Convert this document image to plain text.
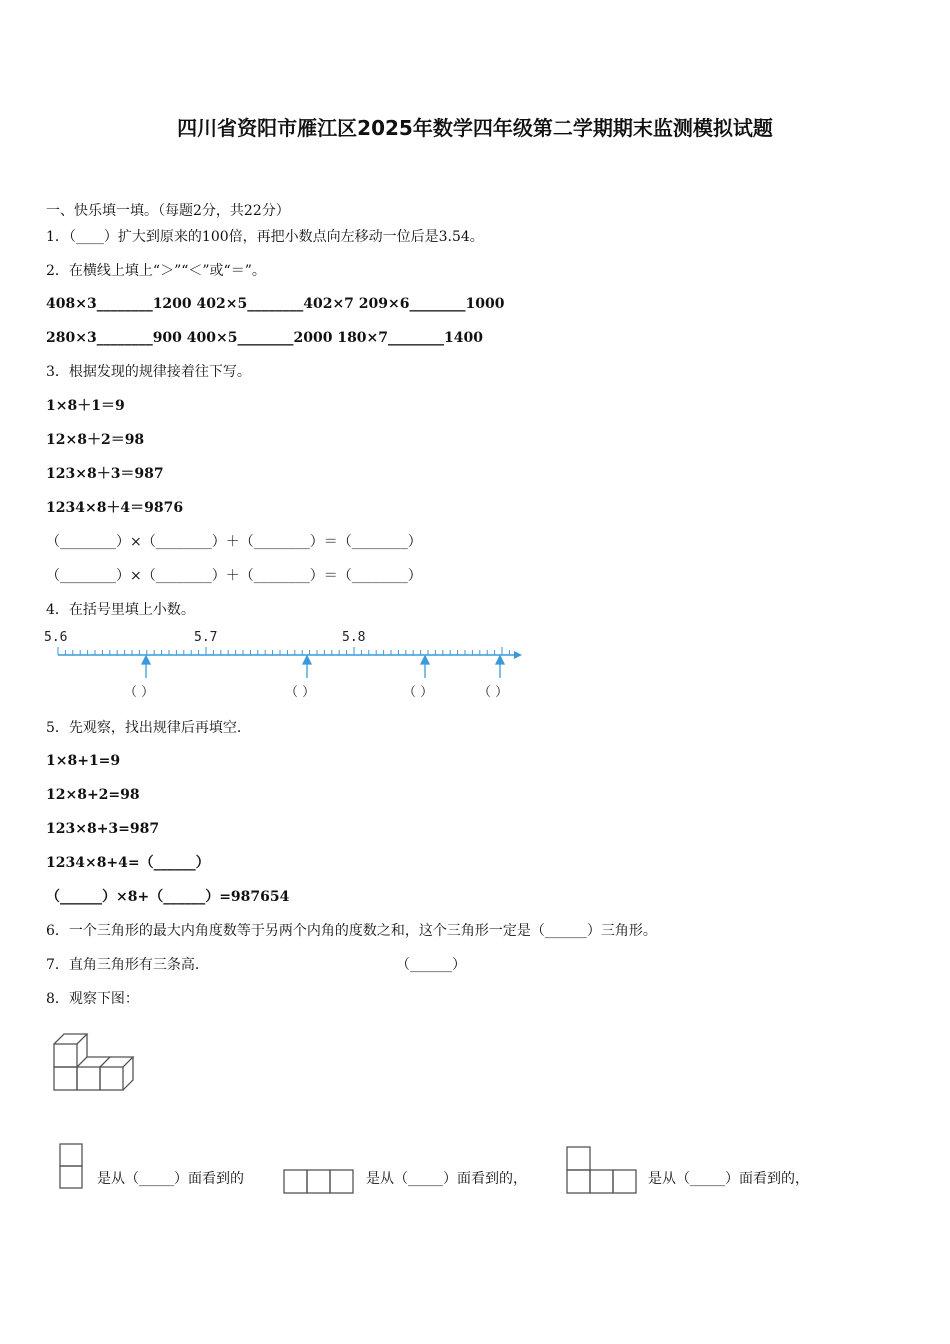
四川省资阳市雁江区2025年数学四年级第二学期期末监测模拟试题
一、快乐填一填。（每题2分，共22分）
1．（____）扩大到原来的100倍，再把小数点向左移动一位后是3.54。
2．在横线上填上“＞”“＜”或“＝”。
408×3________1200 402×5________402×7 209×6________1000
280×3________900 400×5________2000 180×7________1400
3．根据发现的规律接着往下写。
1×8＋1＝9
12×8＋2＝98
123×8＋3＝987
1234×8＋4＝9876
（________）×（________）＋（________）＝（________）
（________）×（________）＋（________）＝（________）
4．在括号里填上小数。
5.6	5.7	5.8
（ ）	（ ）	（ ）	（ ）
5．先观察，找出规律后再填空.
1×8+1=9
12×8+2=98
123×8+3=987
1234×8+4=（______）
（______）×8+（______）=987654
6．一个三角形的最大内角度数等于另两个内角的度数之和，这个三角形一定是（______）三角形。
7．直角三角形有三条高.	（______）
8．观察下图：
是从（_____）面看到的	是从（_____）面看到的，	是从（_____）面看到的，
